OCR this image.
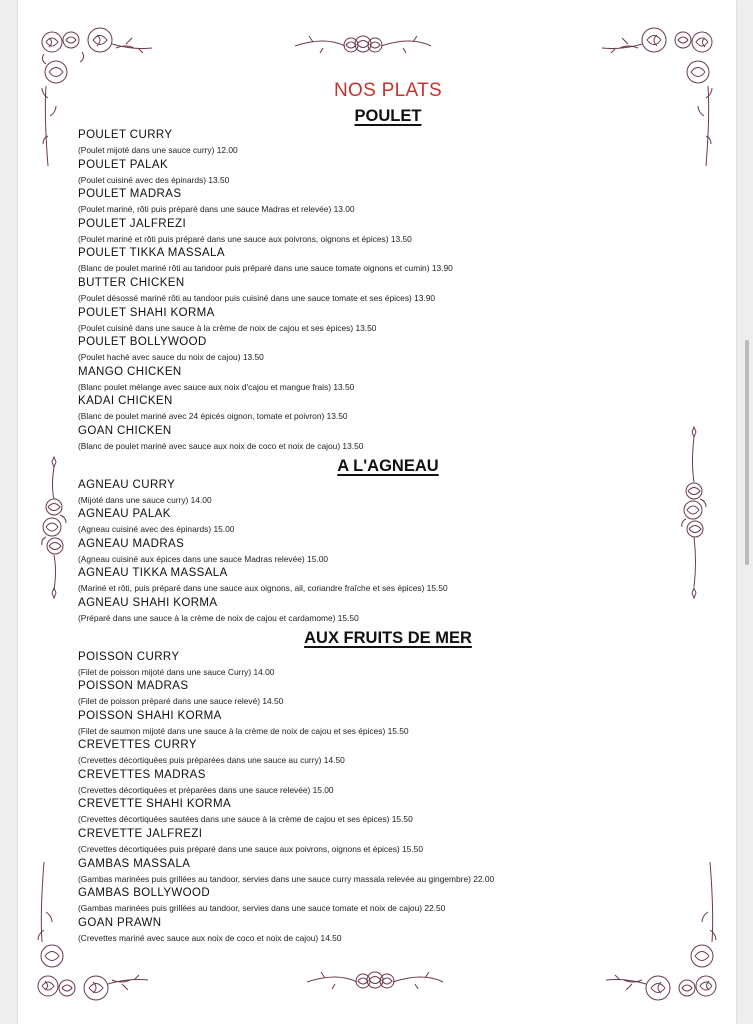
NOS PLATS
POULET
POULET CURRY
(Poulet mijoté dans une sauce curry) 12.00
POULET PALAK
(Poulet cuisiné avec des épinards) 13.50
POULET MADRAS
(Poulet mariné, rôti puis préparé dans une sauce Madras et relevée) 13.00
POULET JALFREZI
(Poulet mariné et rôti puis préparé dans une sauce aux poivrons, oignons et épices) 13.50
POULET TIKKA MASSALA
(Blanc de poulet mariné rôti au tandoor puis préparé dans une sauce tomate oignons et cumin) 13.90
BUTTER CHICKEN
(Poulet désossé mariné rôti au tandoor puis cuisiné dans une sauce tomate et ses épices) 13.90
POULET SHAHI KORMA
(Poulet cuisiné dans une sauce à la crème de noix de cajou et ses épices) 13.50
POULET BOLLYWOOD
(Poulet haché avec sauce du noix de cajou) 13.50
MANGO CHICKEN
(Blanc poulet mélange avec sauce aux noix d'cajou et mangue frais) 13.50
KADAI CHICKEN
(Blanc de poulet mariné avec 24 épicés oignon, tomate et poivron) 13.50
GOAN CHICKEN
(Blanc de poulet mariné avec sauce aux noix de coco et noix de cajou) 13.50
A L'AGNEAU
AGNEAU CURRY
(Mijoté dans une sauce curry) 14.00
AGNEAU PALAK
(Agneau cuisiné avec des épinards) 15.00
AGNEAU MADRAS
(Agneau cuisiné aux épices dans une sauce Madras relevée) 15.00
AGNEAU TIKKA MASSALA
(Mariné et rôti, puis préparé dans une sauce aux oignons, ail, coriandre fraîche et ses épices) 15.50
AGNEAU SHAHI KORMA
(Préparé dans une sauce à la crème de noix de cajou et cardamome) 15.50
AUX FRUITS DE MER
POISSON CURRY
(Filet de poisson mijoté dans une sauce Curry) 14.00
POISSON MADRAS
(Filet de poisson préparé dans une sauce relevé) 14.50
POISSON SHAHI KORMA
(Filet de saumon mijoté dans une sauce à la crème de noix de cajou et ses épices) 15.50
CREVETTES CURRY
(Crevettes décortiquées puis préparées dans une sauce au curry) 14.50
CREVETTES MADRAS
(Crevettes décortiquées et préparées dans une sauce relevée) 15.00
CREVETTE SHAHI KORMA
(Crevettes décortiquées sautées dans une sauce à la crème de cajou et ses épices) 15.50
CREVETTE JALFREZI
(Crevettes décortiquées puis préparé dans une sauce aux poivrons, oignons et épices) 15.50
GAMBAS MASSALA
(Gambas marinées puis grillées au tandoor, servies dans une sauce curry massala relevée au gingembre) 22.00
GAMBAS BOLLYWOOD
(Gambas marinées puis grillées au tandoor, servies dans une sauce tomate et noix de cajou) 22.50
GOAN PRAWN
(Crevettes mariné avec sauce aux noix de coco et noix de cajou) 14.50
